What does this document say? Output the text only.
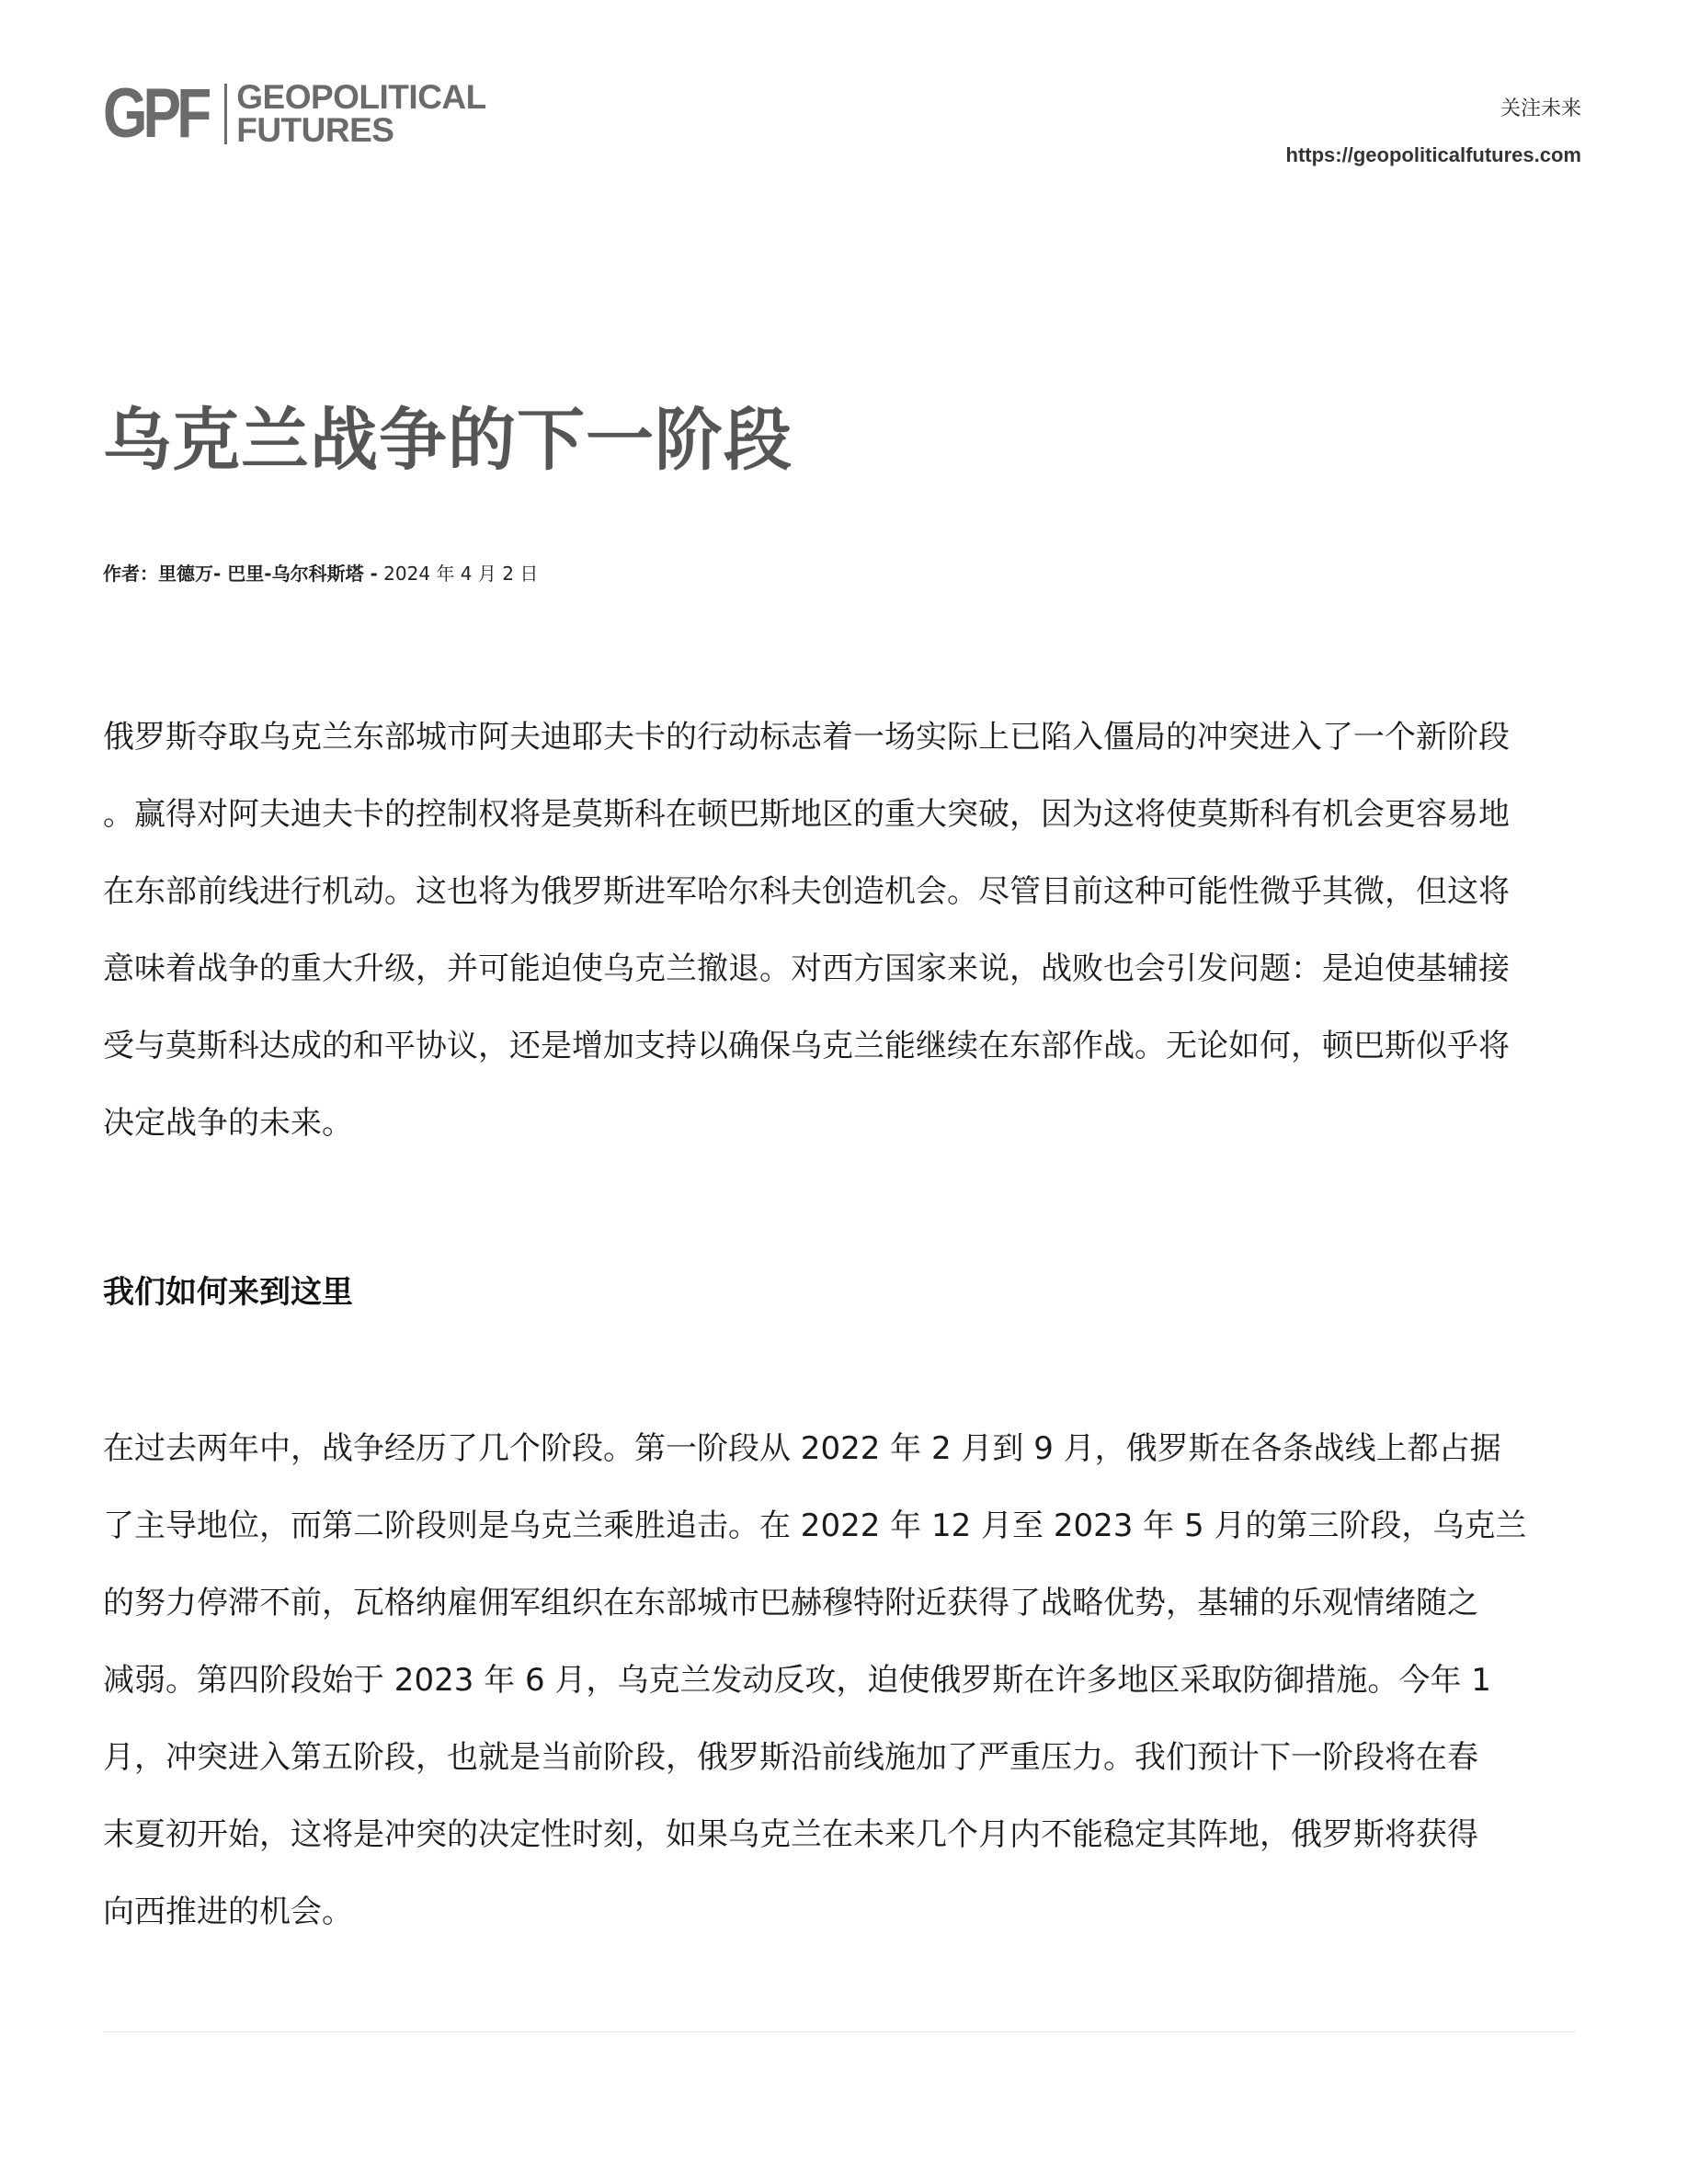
GPF GEOPOLITICAL
FUTURES
关注未来
https://geopoliticalfutures.com
乌克兰战争的下一阶段
作者：里德万- 巴里-乌尔科斯塔 - 2024 年 4 月 2 日
俄罗斯夺取乌克兰东部城市阿夫迪耶夫卡的行动标志着一场实际上已陷入僵局的冲突进入了一个新阶段
。赢得对阿夫迪夫卡的控制权将是莫斯科在顿巴斯地区的重大突破，因为这将使莫斯科有机会更容易地
在东部前线进行机动。这也将为俄罗斯进军哈尔科夫创造机会。尽管目前这种可能性微乎其微，但这将
意味着战争的重大升级，并可能迫使乌克兰撤退。对西方国家来说，战败也会引发问题：是迫使基辅接
受与莫斯科达成的和平协议，还是增加支持以确保乌克兰能继续在东部作战。无论如何，顿巴斯似乎将
决定战争的未来。
我们如何来到这里
在过去两年中，战争经历了几个阶段。第一阶段从 2022 年 2 月到 9 月，俄罗斯在各条战线上都占据
了主导地位，而第二阶段则是乌克兰乘胜追击。在 2022 年 12 月至 2023 年 5 月的第三阶段，乌克兰
的努力停滞不前，瓦格纳雇佣军组织在东部城市巴赫穆特附近获得了战略优势，基辅的乐观情绪随之
减弱。第四阶段始于 2023 年 6 月，乌克兰发动反攻，迫使俄罗斯在许多地区采取防御措施。今年 1
月，冲突进入第五阶段，也就是当前阶段，俄罗斯沿前线施加了严重压力。我们预计下一阶段将在春
末夏初开始，这将是冲突的决定性时刻，如果乌克兰在未来几个月内不能稳定其阵地，俄罗斯将获得
向西推进的机会。
